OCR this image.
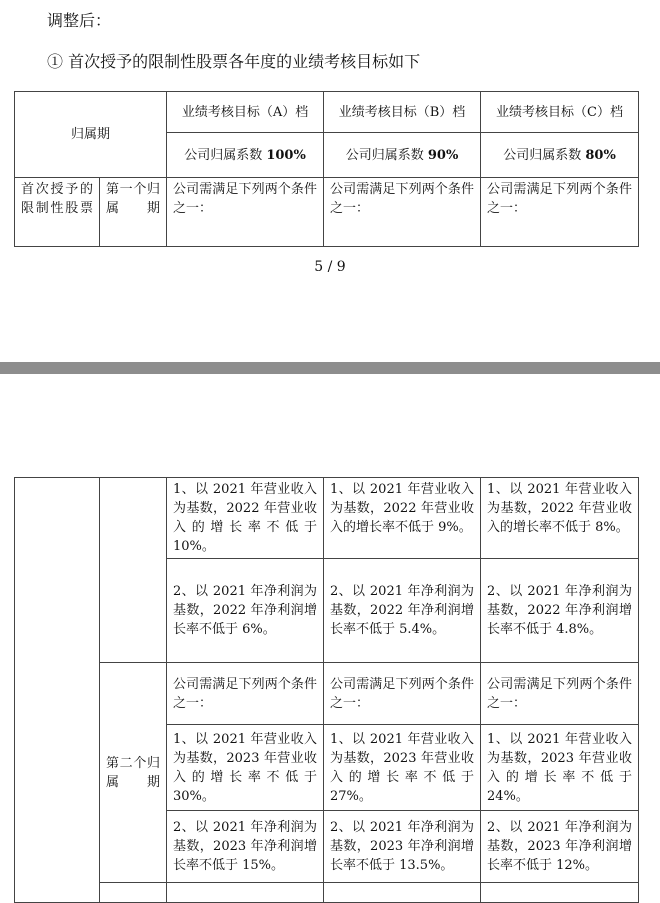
调整后：
① 首次授予的限制性股票各年度的业绩考核目标如下
归属期		业绩考核目标（A）档	业绩考核目标（B）档	业绩考核目标（C）档
		公司归属系数 100%	公司归属系数 90%	公司归属系数 80%
首次授予的限制性股票	第一个归属期	公司需满足下列两个条件之一：	公司需满足下列两个条件之一：	公司需满足下列两个条件之一：
5 / 9
		1、以 2021 年营业收入为基数，2022 年营业收入的增长率不低于 10%。	1、以 2021 年营业收入为基数，2022 年营业收入的增长率不低于 9%。	1、以 2021 年营业收入为基数，2022 年营业收入的增长率不低于 8%。
		2、以 2021 年净利润为基数，2022 年净利润增长率不低于 6%。	2、以 2021 年净利润为基数，2022 年净利润增长率不低于 5.4%。	2、以 2021 年净利润为基数，2022 年净利润增长率不低于 4.8%。
	第二个归属期	公司需满足下列两个条件之一：	公司需满足下列两个条件之一：	公司需满足下列两个条件之一：
		1、以 2021 年营业收入为基数，2023 年营业收入的增长率不低于 30%。	1、以 2021 年营业收入为基数，2023 年营业收入的增长率不低于 27%。	1、以 2021 年营业收入为基数，2023 年营业收入的增长率不低于 24%。
		2、以 2021 年净利润为基数，2023 年净利润增长率不低于 15%。	2、以 2021 年净利润为基数，2023 年净利润增长率不低于 13.5%。	2、以 2021 年净利润为基数，2023 年净利润增长率不低于 12%。
